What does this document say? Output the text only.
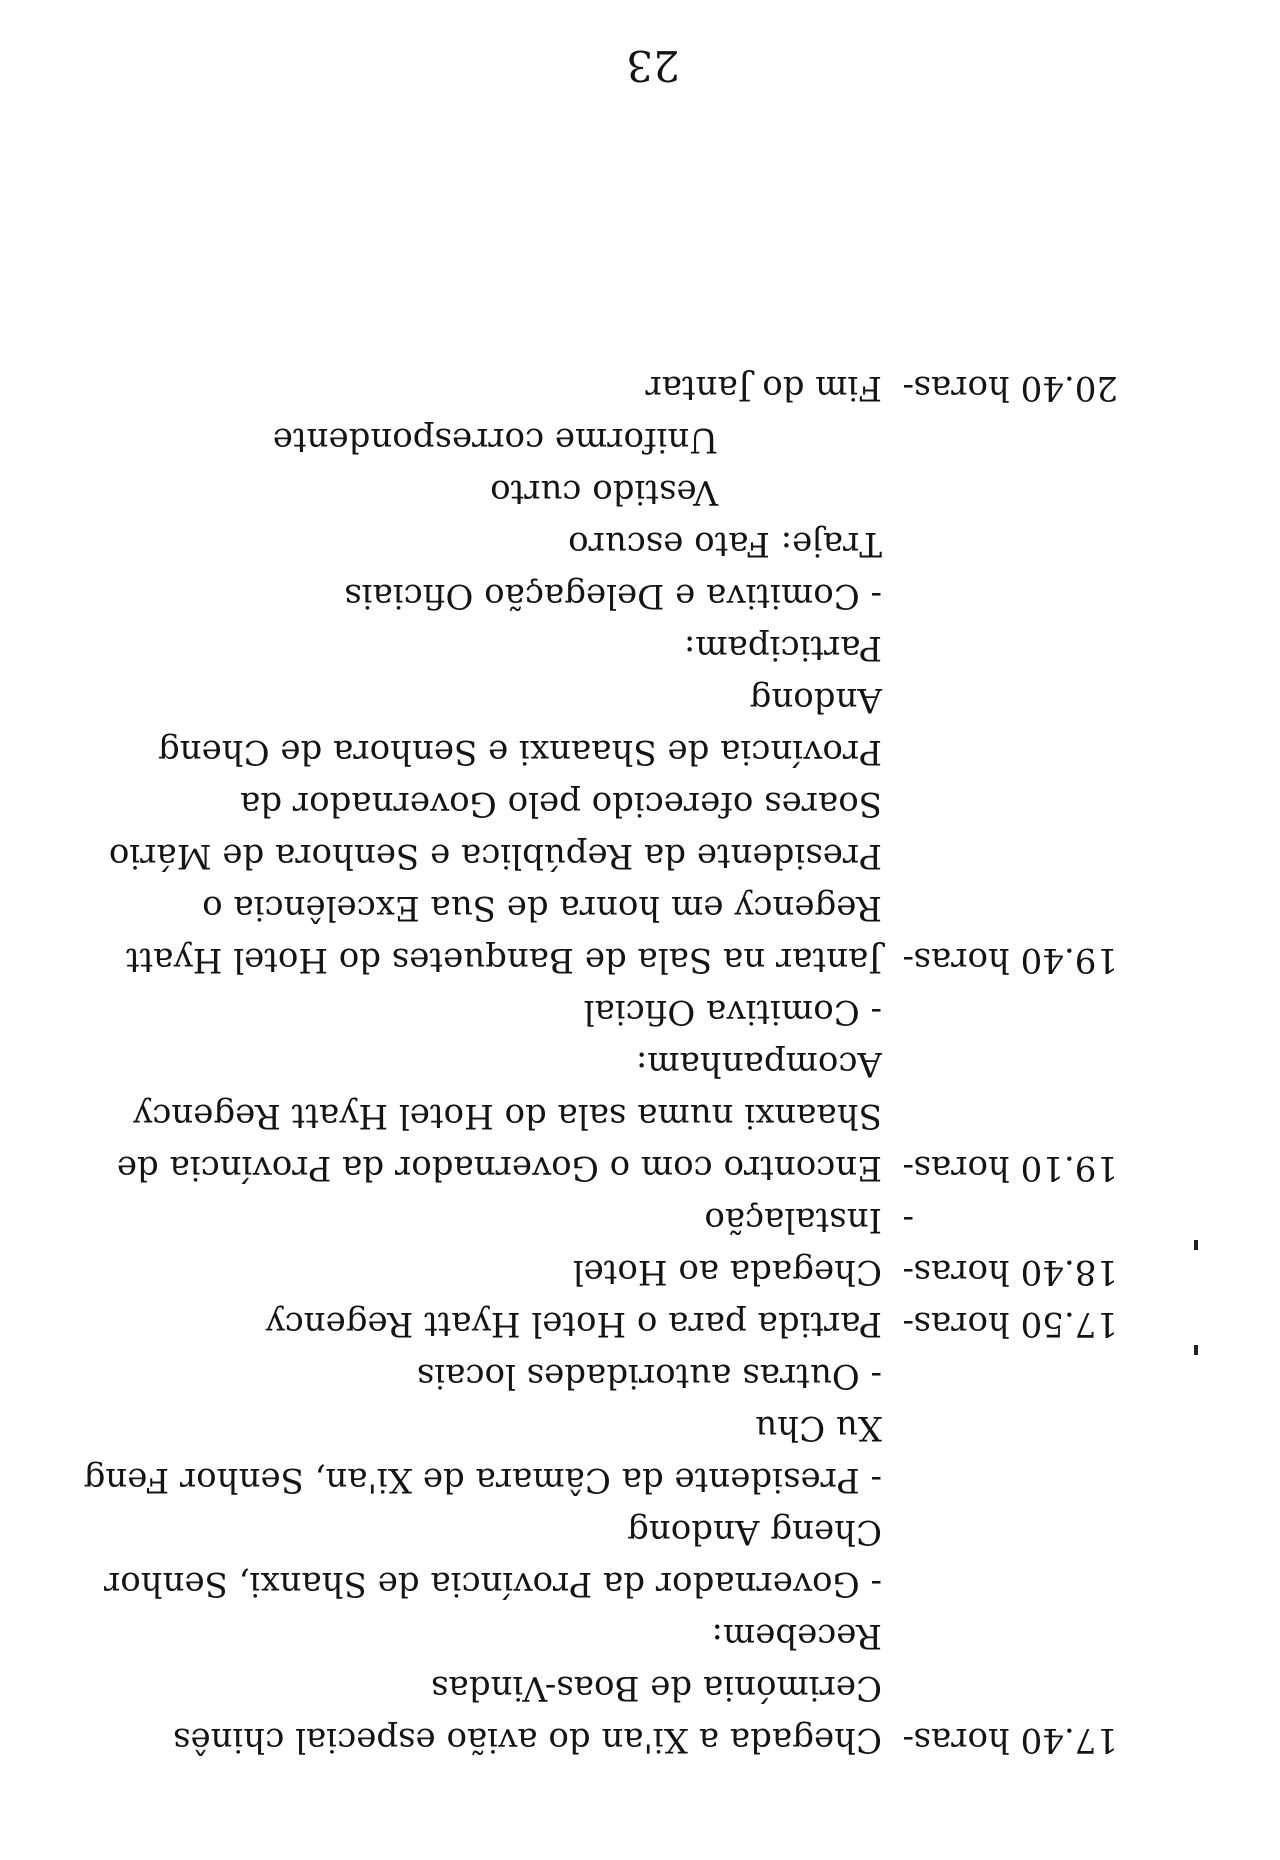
23
17.40 horas
-
Chegada a Xi'an do avião especial chinês
Cerimónia de Boas-Vindas
Recebem:
- Governador da Província de Shanxi, Senhor
Cheng Andong
- Presidente da Câmara de Xi'an, Senhor Feng
Xu Chu
- Outras autoridades locais
17.50 horas
-
Partida para o Hotel Hyatt Regency
18.40 horas
-
Chegada ao Hotel
-
Instalação
19.10 horas
-
Encontro com o Governador da Província de
Shaanxi numa sala do Hotel Hyatt Regency
Acompanham:
- Comitiva Oficial
19.40 horas
-
Jantar na Sala de Banquetes do Hotel Hyatt
Regency em honra de Sua Excelência o
Presidente da República e Senhora de Mário
Soares oferecido pelo Governador da
Província de Shaanxi e Senhora de Cheng
Andong
Participam:
- Comitiva e Delegação Oficiais
Traje: Fato escuro
Vestido curto
Uniforme correspondente
20.40 horas
-
Fim do Jantar
